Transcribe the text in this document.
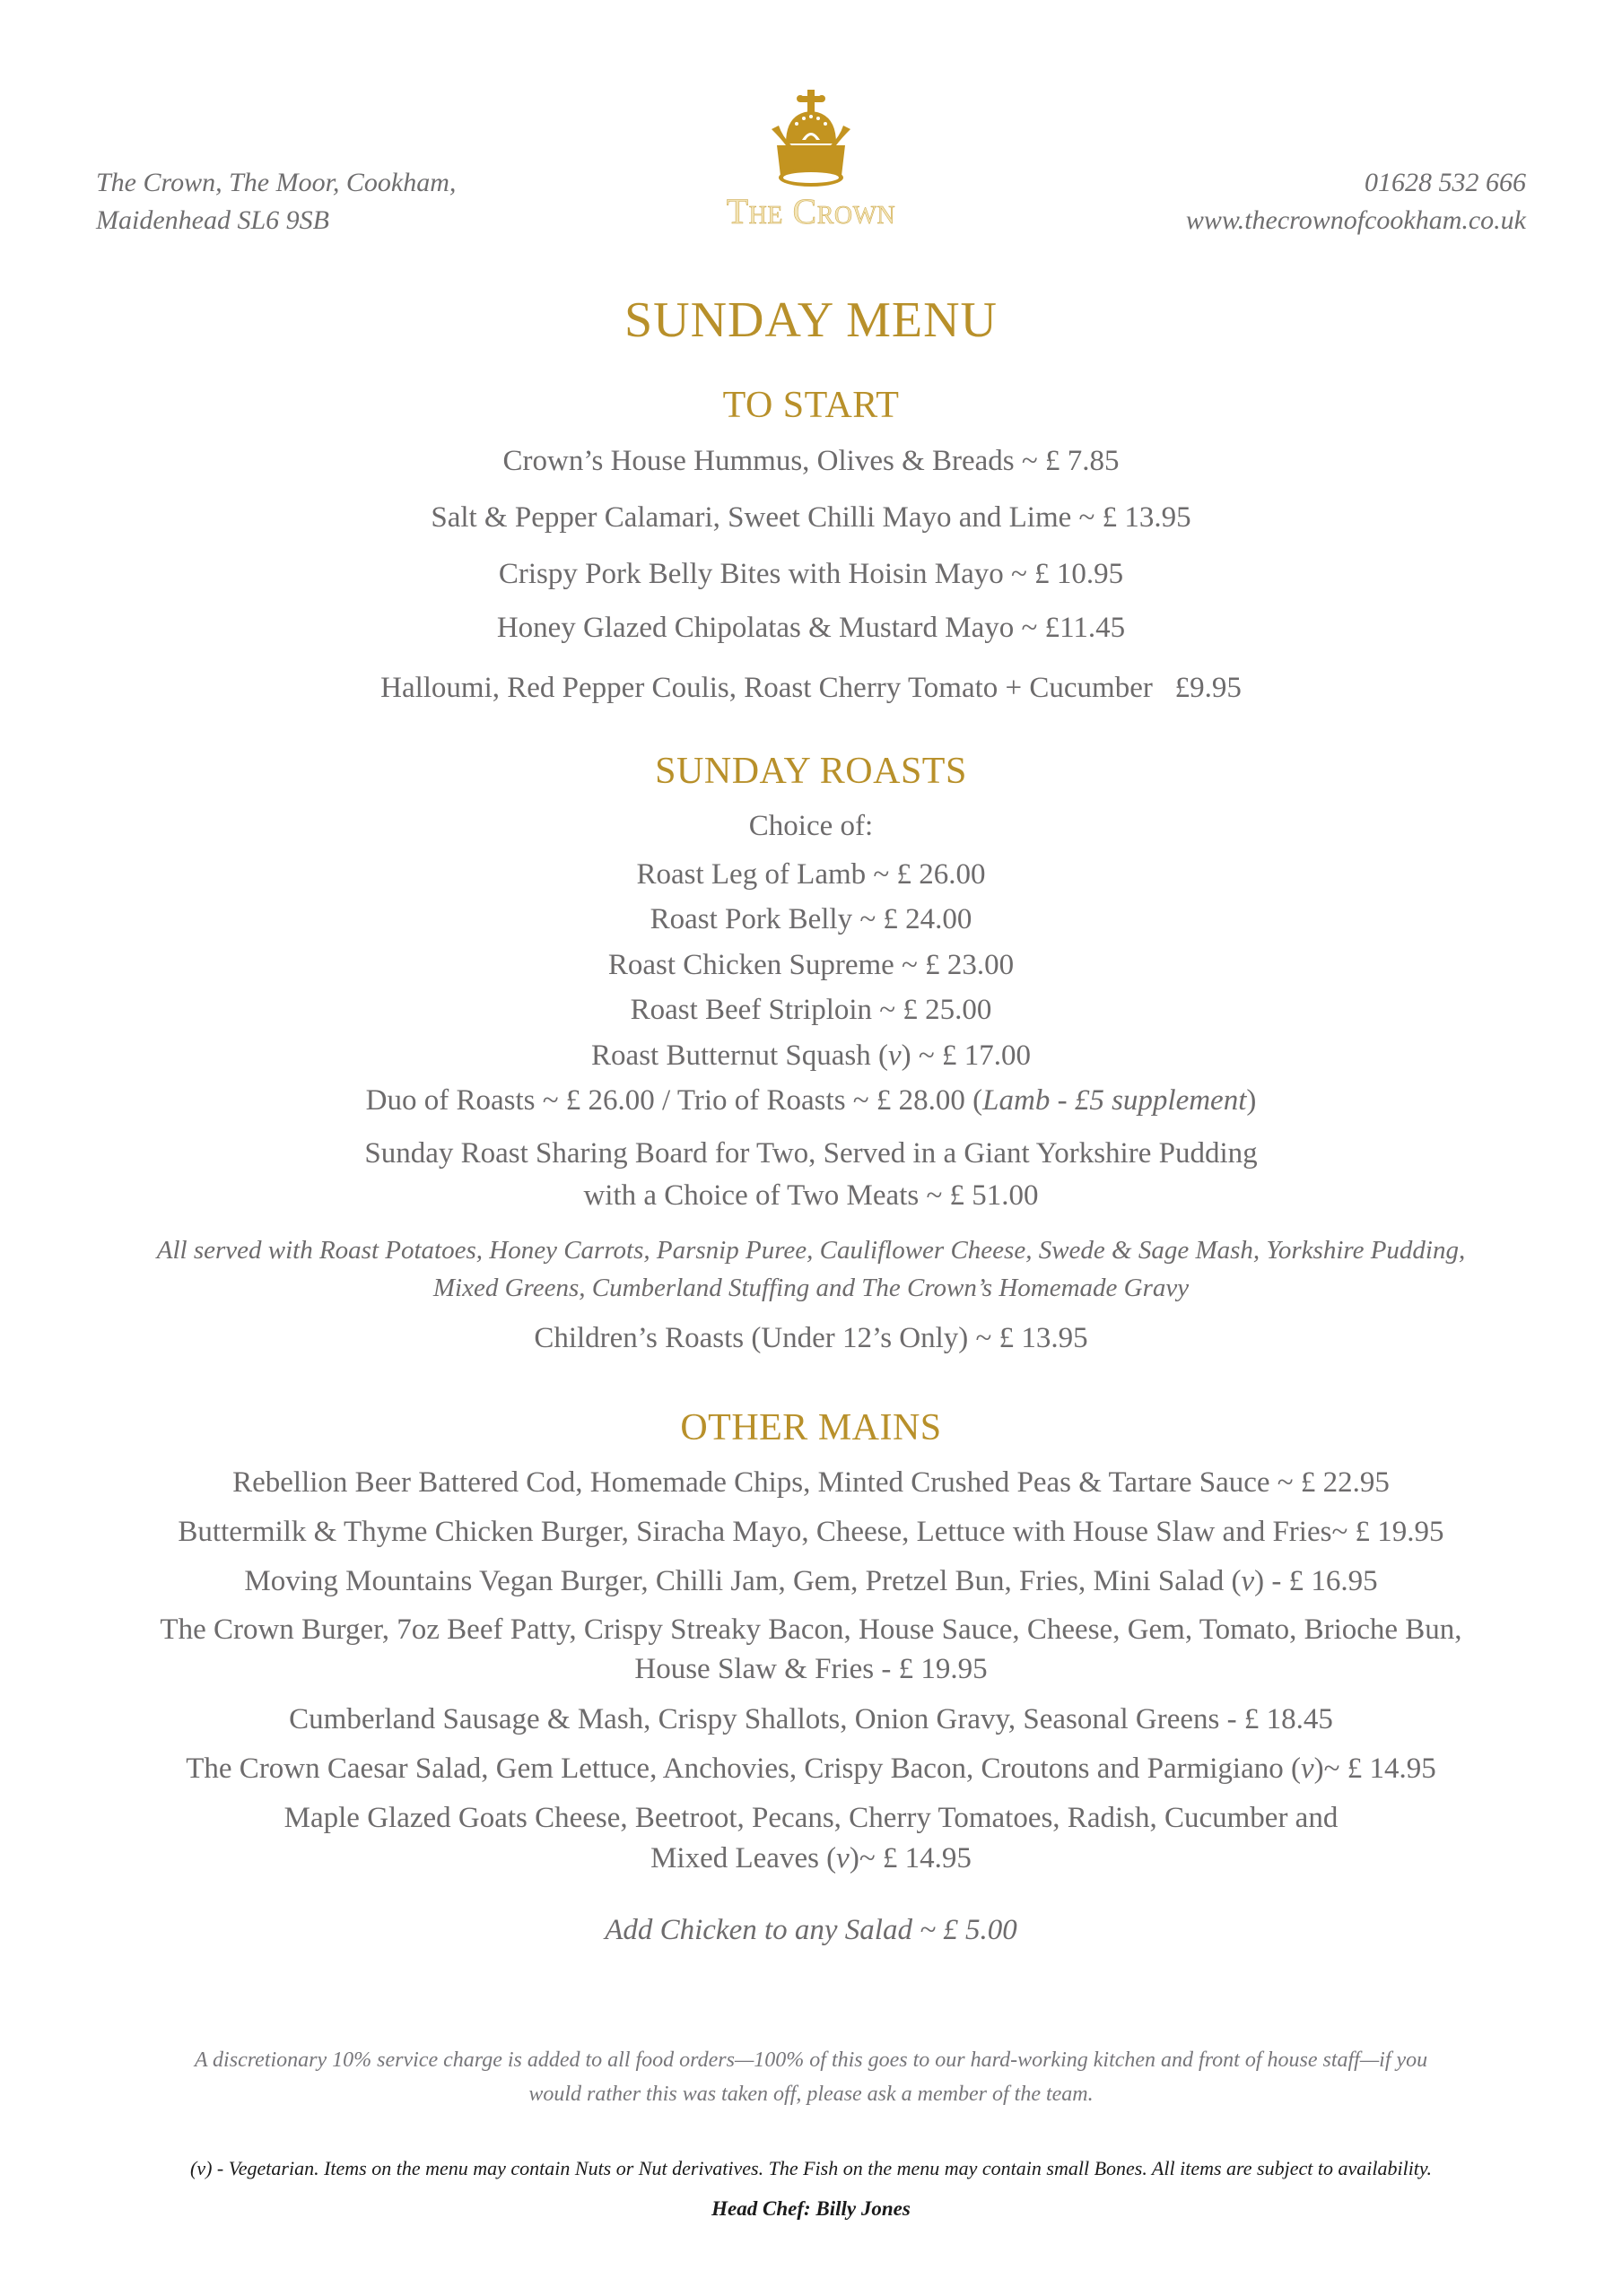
The Crown, The Moor, Cookham,
Maidenhead SL6 9SB	The Crown
01628 532 666
www.thecrownofcookham.co.uk
SUNDAY MENU
TO START
Crown’s House Hummus, Olives & Breads ~ £ 7.85
Salt & Pepper Calamari, Sweet Chilli Mayo and Lime ~ £ 13.95
Crispy Pork Belly Bites with Hoisin Mayo ~ £ 10.95
Honey Glazed Chipolatas & Mustard Mayo ~ £11.45
Halloumi, Red Pepper Coulis, Roast Cherry Tomato + Cucumber   £9.95
SUNDAY ROASTS
Choice of:
Roast Leg of Lamb ~ £ 26.00
Roast Pork Belly ~ £ 24.00
Roast Chicken Supreme ~ £ 23.00
Roast Beef Striploin ~ £ 25.00
Roast Butternut Squash (v) ~ £ 17.00
Duo of Roasts ~ £ 26.00 / Trio of Roasts ~ £ 28.00 (Lamb - £5 supplement)
Sunday Roast Sharing Board for Two, Served in a Giant Yorkshire Pudding
with a Choice of Two Meats ~ £ 51.00
All served with Roast Potatoes, Honey Carrots, Parsnip Puree, Cauliflower Cheese, Swede & Sage Mash, Yorkshire Pudding,
Mixed Greens, Cumberland Stuffing and The Crown’s Homemade Gravy
Children’s Roasts (Under 12’s Only) ~ £ 13.95
OTHER MAINS
Rebellion Beer Battered Cod, Homemade Chips, Minted Crushed Peas & Tartare Sauce ~ £ 22.95
Buttermilk & Thyme Chicken Burger, Siracha Mayo, Cheese, Lettuce with House Slaw and Fries~ £ 19.95
Moving Mountains Vegan Burger, Chilli Jam, Gem, Pretzel Bun, Fries, Mini Salad (v) - £ 16.95
The Crown Burger, 7oz Beef Patty, Crispy Streaky Bacon, House Sauce, Cheese, Gem, Tomato, Brioche Bun,
House Slaw & Fries - £ 19.95
Cumberland Sausage & Mash, Crispy Shallots, Onion Gravy, Seasonal Greens - £ 18.45
The Crown Caesar Salad, Gem Lettuce, Anchovies, Crispy Bacon, Croutons and Parmigiano (v)~ £ 14.95
Maple Glazed Goats Cheese, Beetroot, Pecans, Cherry Tomatoes, Radish, Cucumber and
Mixed Leaves (v)~ £ 14.95
Add Chicken to any Salad ~ £ 5.00
A discretionary 10% service charge is added to all food orders—100% of this goes to our hard-working kitchen and front of house staff—if you
would rather this was taken off, please ask a member of the team.
(v) - Vegetarian. Items on the menu may contain Nuts or Nut derivatives. The Fish on the menu may contain small Bones. All items are subject to availability.
Head Chef: Billy Jones
